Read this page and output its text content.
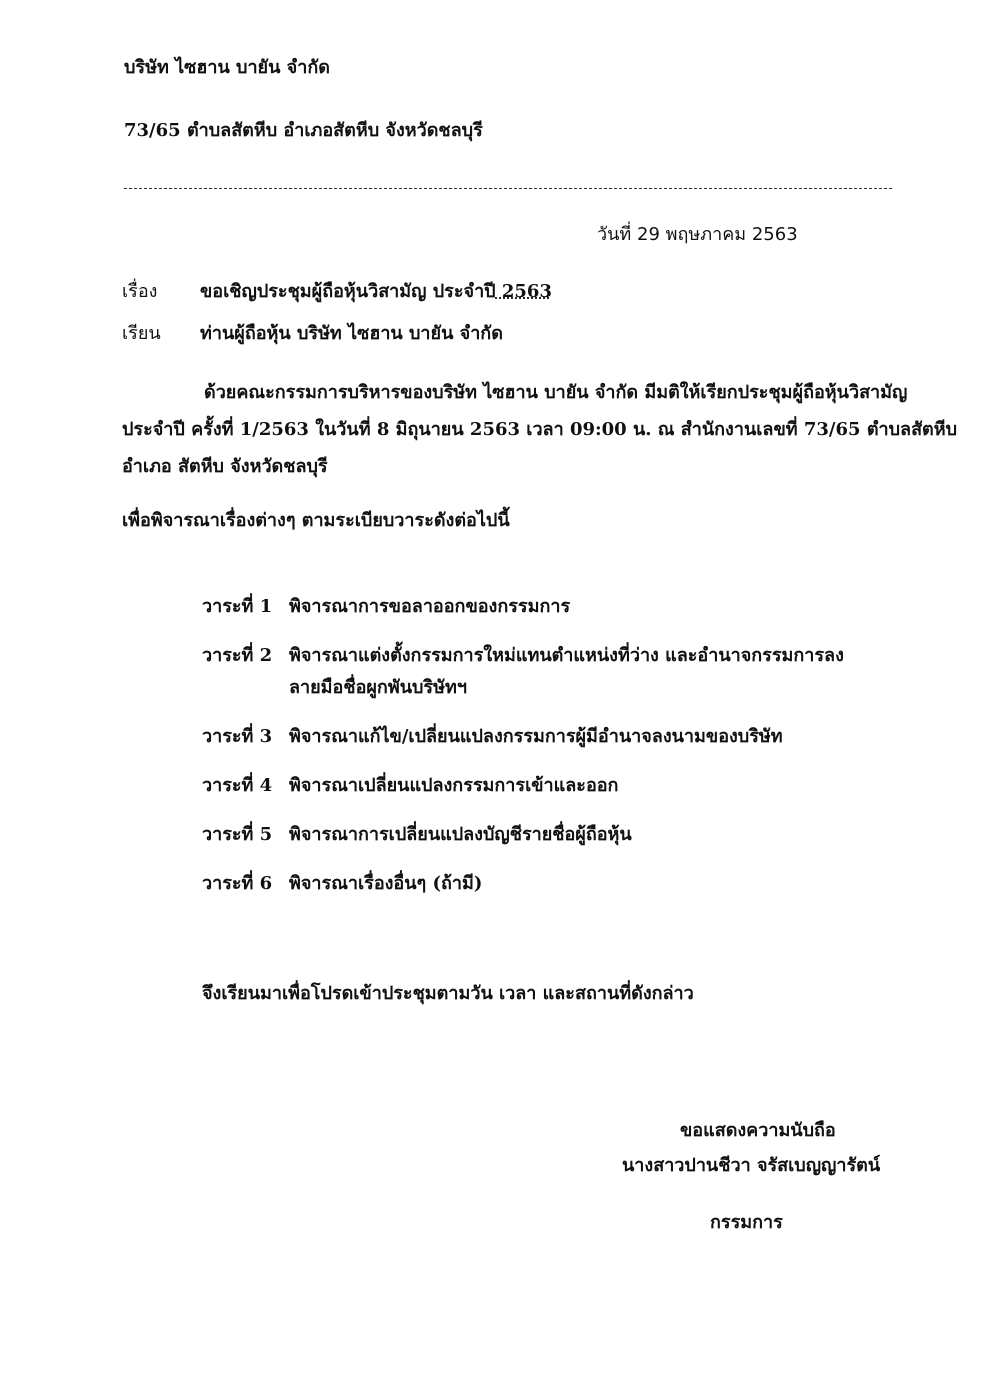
บริษัท ไซฮาน บายัน จำกัด
73/65 ตำบลสัตหีบ อำเภอสัตหีบ จังหวัดชลบุรี
วันที่ 29 พฤษภาคม 2563
เรื่อง ขอเชิญประชุมผู้ถือหุ้นวิสามัญ ประจำปี 2563
เรียน ท่านผู้ถือหุ้น บริษัท ไซฮาน บายัน จำกัด
ด้วยคณะกรรมการบริหารของบริษัท ไซฮาน บายัน จำกัด มีมติให้เรียกประชุมผู้ถือหุ้นวิสามัญ
ประจำปี ครั้งที่ 1/2563 ในวันที่ 8 มิถุนายน 2563 เวลา 09:00 น. ณ สำนักงานเลขที่ 73/65 ตำบลสัตหีบ
อำเภอ สัตหีบ จังหวัดชลบุรี
เพื่อพิจารณาเรื่องต่างๆ ตามระเบียบวาระดังต่อไปนี้
วาระที่ 1 พิจารณาการขอลาออกของกรรมการ
วาระที่ 2 พิจารณาแต่งตั้งกรรมการใหม่แทนตำแหน่งที่ว่าง และอำนาจกรรมการลงลายมือชื่อผูกพันบริษัทฯ
วาระที่ 3 พิจารณาแก้ไข/เปลี่ยนแปลงกรรมการผู้มีอำนาจลงนามของบริษัท
วาระที่ 4 พิจารณาเปลี่ยนแปลงกรรมการเข้าและออก
วาระที่ 5 พิจารณาการเปลี่ยนแปลงบัญชีรายชื่อผู้ถือหุ้น
วาระที่ 6 พิจารณาเรื่องอื่นๆ (ถ้ามี)
จึงเรียนมาเพื่อโปรดเข้าประชุมตามวัน เวลา และสถานที่ดังกล่าว
ขอแสดงความนับถือ
นางสาวปานชีวา จรัสเบญญารัตน์
กรรมการ
